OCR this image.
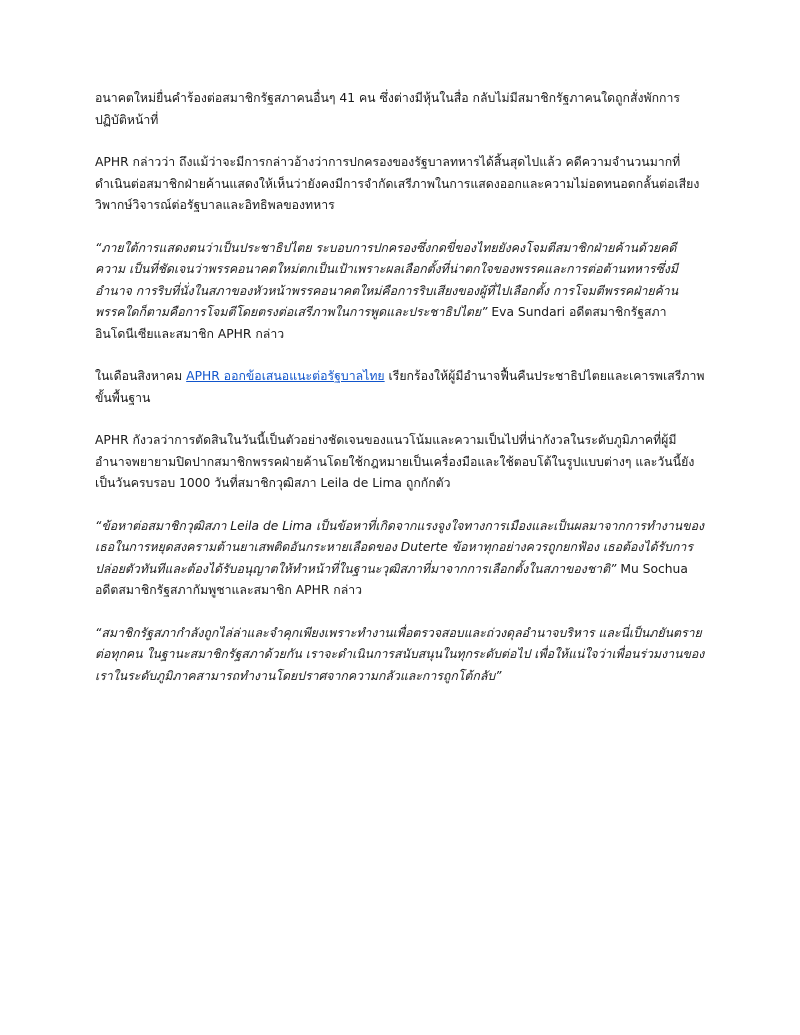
อนาคตใหม่ยื่นคำร้องต่อสมาชิกรัฐสภาคนอื่นๆ 41 คน ซึ่งต่างมีหุ้นในสื่อ กลับไม่มีสมาชิกรัฐภาคนใดถูกสั่งพักการปฏิบัติหน้าที่

APHR กล่าวว่า ถึงแม้ว่าจะมีการกล่าวอ้างว่าการปกครองของรัฐบาลทหารได้สิ้นสุดไปแล้ว คดีความจำนวนมากที่ดำเนินต่อสมาชิกฝ่ายค้านแสดงให้เห็นว่ายังคงมีการจำกัดเสรีภาพในการแสดงออกและความไม่อดทนอดกลั้นต่อเสียงวิพากษ์วิจารณ์ต่อรัฐบาลและอิทธิพลของทหาร

“ภายใต้การแสดงตนว่าเป็นประชาธิปไตย ระบอบการปกครองซึ่งกดขี่ของไทยยังคงโจมตีสมาชิกฝ่ายค้านด้วยคดีความ เป็นที่ชัดเจนว่าพรรคอนาคตใหม่ตกเป็นเป้าเพราะผลเลือกตั้งที่น่าตกใจของพรรคและการต่อต้านทหารซึ่งมีอำนาจ การริบที่นั่งในสภาของหัวหน้าพรรคอนาคตใหม่คือการริบเสียงของผู้ที่ไปเลือกตั้ง การโจมตีพรรคฝ่ายค้านพรรคใดก็ตามคือการโจมตีโดยตรงต่อเสรีภาพในการพูดและประชาธิปไตย” Eva Sundari อดีตสมาชิกรัฐสภาอินโดนีเซียและสมาชิก APHR กล่าว

ในเดือนสิงหาคม APHR ออกข้อเสนอแนะต่อรัฐบาลไทย เรียกร้องให้ผู้มีอำนาจฟื้นคืนประชาธิปไตยและเคารพเสรีภาพขั้นพื้นฐาน

APHR กังวลว่าการตัดสินในวันนี้เป็นตัวอย่างชัดเจนของแนวโน้มและความเป็นไปที่น่ากังวลในระดับภูมิภาคที่ผู้มีอำนาจพยายามปิดปากสมาชิกพรรคฝ่ายค้านโดยใช้กฎหมายเป็นเครื่องมือและใช้ตอบโต้ในรูปแบบต่างๆ และวันนี้ยังเป็นวันครบรอบ 1000 วันที่สมาชิกวุฒิสภา Leila de Lima ถูกกักตัว

“ข้อหาต่อสมาชิกวุฒิสภา Leila de Lima เป็นข้อหาที่เกิดจากแรงจูงใจทางการเมืองและเป็นผลมาจากการทำงานของเธอในการหยุดสงครามต้านยาเสพติดอันกระหายเลือดของ Duterte ข้อหาทุกอย่างควรถูกยกฟ้อง เธอต้องได้รับการปล่อยตัวทันทีและต้องได้รับอนุญาตให้ทำหน้าที่ในฐานะวุฒิสภาที่มาจากการเลือกตั้งในสภาของชาติ” Mu Sochua อดีตสมาชิกรัฐสภากัมพูชาและสมาชิก APHR กล่าว

“สมาชิกรัฐสภากำลังถูกไล่ล่าและจำคุกเพียงเพราะทำงานเพื่อตรวจสอบและถ่วงดุลอำนาจบริหาร และนี่เป็นภยันตรายต่อทุกคน ในฐานะสมาชิกรัฐสภาด้วยกัน เราจะดำเนินการสนับสนุนในทุกระดับต่อไป เพื่อให้แน่ใจว่าเพื่อนร่วมงานของเราในระดับภูมิภาคสามารถทำงานโดยปราศจากความกลัวและการถูกโต้กลับ”
